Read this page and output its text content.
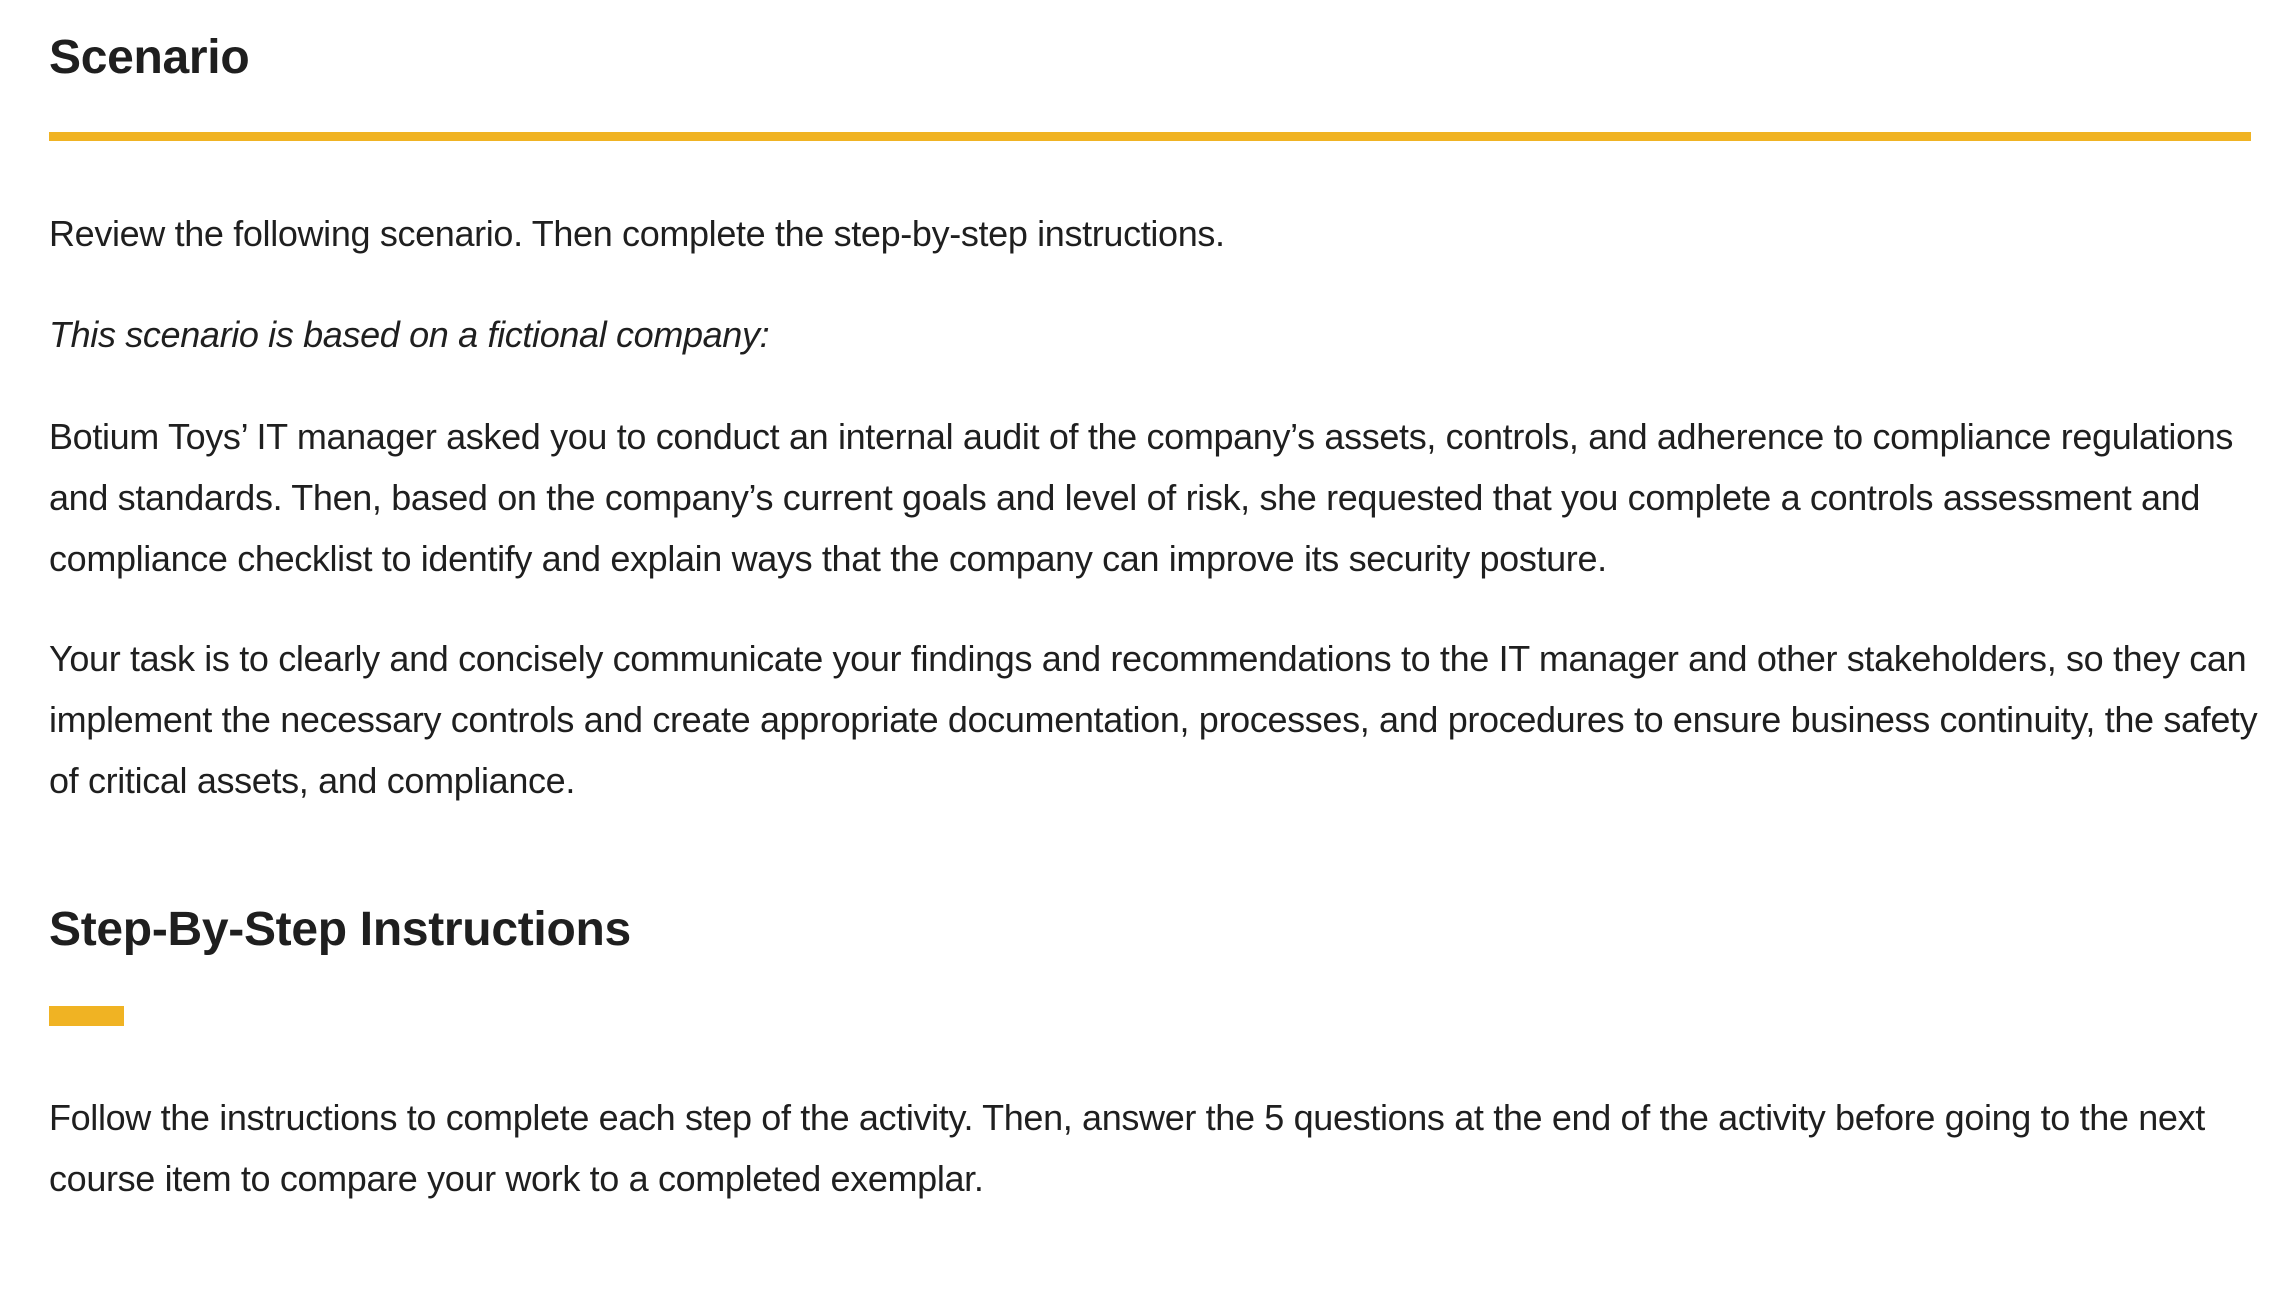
Scenario

Review the following scenario. Then complete the step-by-step instructions.

This scenario is based on a fictional company:

Botium Toys’ IT manager asked you to conduct an internal audit of the company’s assets, controls, and adherence to compliance regulations and standards. Then, based on the company’s current goals and level of risk, she requested that you complete a controls assessment and compliance checklist to identify and explain ways that the company can improve its security posture.

Your task is to clearly and concisely communicate your findings and recommendations to the IT manager and other stakeholders, so they can implement the necessary controls and create appropriate documentation, processes, and procedures to ensure business continuity, the safety of critical assets, and compliance.

Step-By-Step Instructions

Follow the instructions to complete each step of the activity. Then, answer the 5 questions at the end of the activity before going to the next course item to compare your work to a completed exemplar.
